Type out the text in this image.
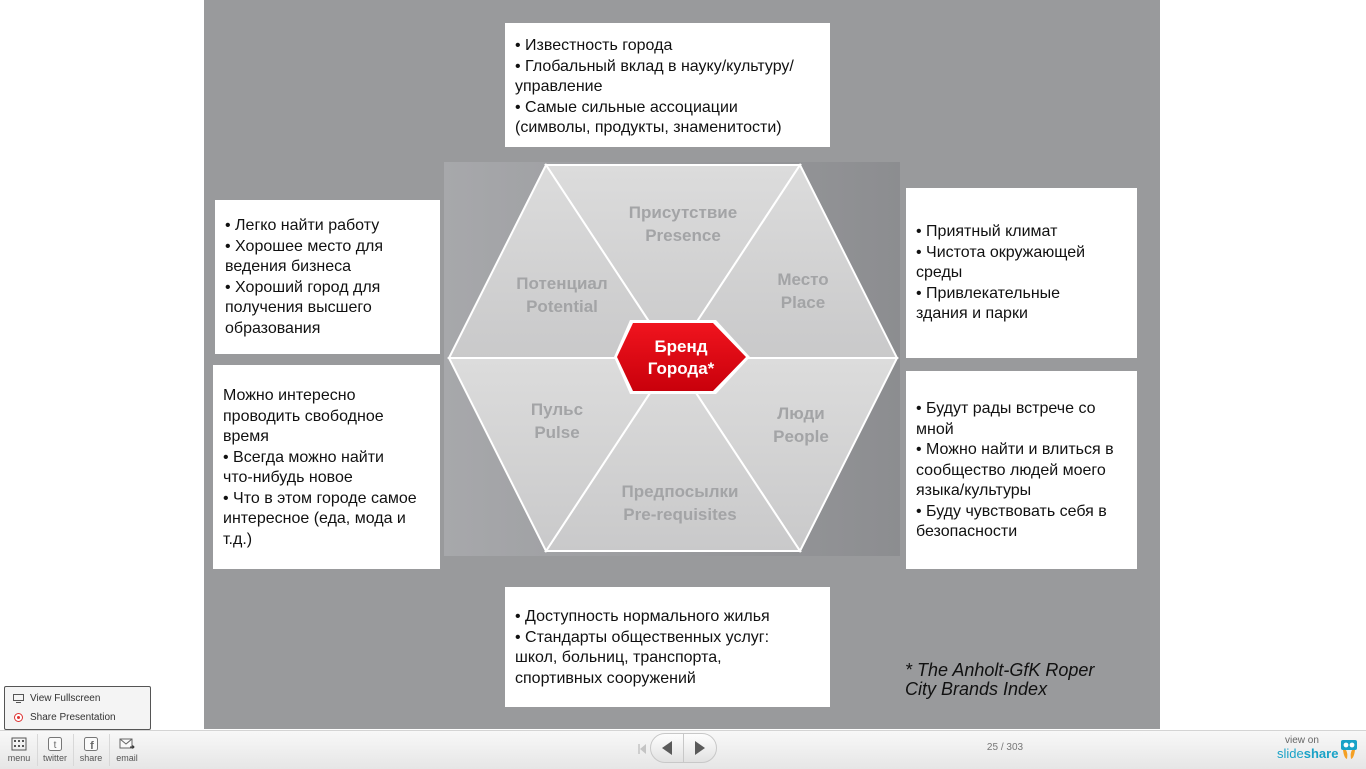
• Известность города
• Глобальный вклад в науку/культуру/
управление
• Самые сильные ассоциации
(символы, продукты, знаменитости)
• Легко найти работу
• Хорошее место для
ведения бизнеса
• Хороший город для
получения высшего
образования
Можно интересно
проводить свободное
время
• Всегда можно найти
что-нибудь новое
• Что в этом городе самое
интересное (еда, мода и
т.д.)
• Приятный климат
• Чистота окружающей
среды
• Привлекательные
здания и парки
• Будут рады встрече со
мной
• Можно найти и влиться в
сообщество людей моего
языка/культуры
• Буду чувствовать себя в
безопасности
• Доступность нормального жилья
• Стандарты общественных услуг:
школ, больниц, транспорта,
спортивных сооружений
Присутствие
Presence
Место
Place
Люди
People
Предпосылки
Pre-requisites
Пульс
Pulse
Потенциал
Potential
Бренд
Города*
* The Anholt-GfK Roper
City Brands Index
View Fullscreen
Share Presentation
menu
t
twitter
f
share email
25 / 303
view on
slideshare
